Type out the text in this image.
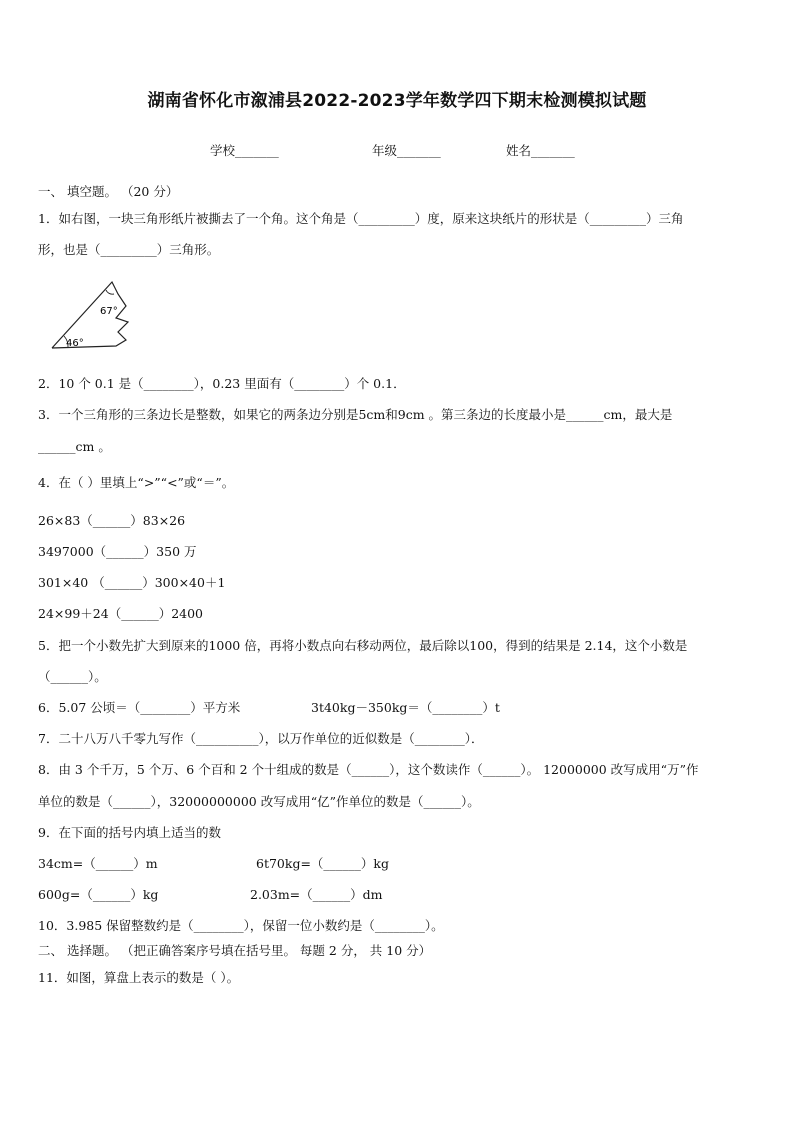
湖南省怀化市溆浦县2022-2023学年数学四下期末检测模拟试题
学校_______	年级_______	姓名_______
一、 填空题。 （20 分）
1．如右图，一块三角形纸片被撕去了一个角。这个角是（_________）度，原来这块纸片的形状是（_________）三角
形，也是（_________）三角形。
67°
46°
2．10 个 0.1 是（________），0.23 里面有（________）个 0.1．
3．一个三角形的三条边长是整数，如果它的两条边分别是5cm和9cm 。第三条边的长度最小是______cm，最大是
______cm 。
4．在（ ）里填上“>”“<”或“＝”。
26×83（______）83×26
3497000（______）350 万
301×40 （______）300×40＋1
24×99＋24（______）2400
5．把一个小数先扩大到原来的1000 倍，再将小数点向右移动两位，最后除以100，得到的结果是 2.14，这个小数是
（______）。
6．5.07 公顷＝（________）平方米	3t40kg－350kg＝（________）t
7．二十八万八千零九写作（__________），以万作单位的近似数是（________）．
8．由 3 个千万，5 个万、6 个百和 2 个十组成的数是（______），这个数读作（______）。 12000000 改写成用“万”作
单位的数是（______），32000000000 改写成用“亿”作单位的数是（______）。
9．在下面的括号内填上适当的数
34cm=（______）m	6t70kg=（______）kg
600g=（______）kg	2.03m=（______）dm
10．3.985 保留整数约是（________），保留一位小数约是（________）。
二、 选择题。 （把正确答案序号填在括号里。 每题 2 分， 共 10 分）
11．如图，算盘上表示的数是（ ）。
